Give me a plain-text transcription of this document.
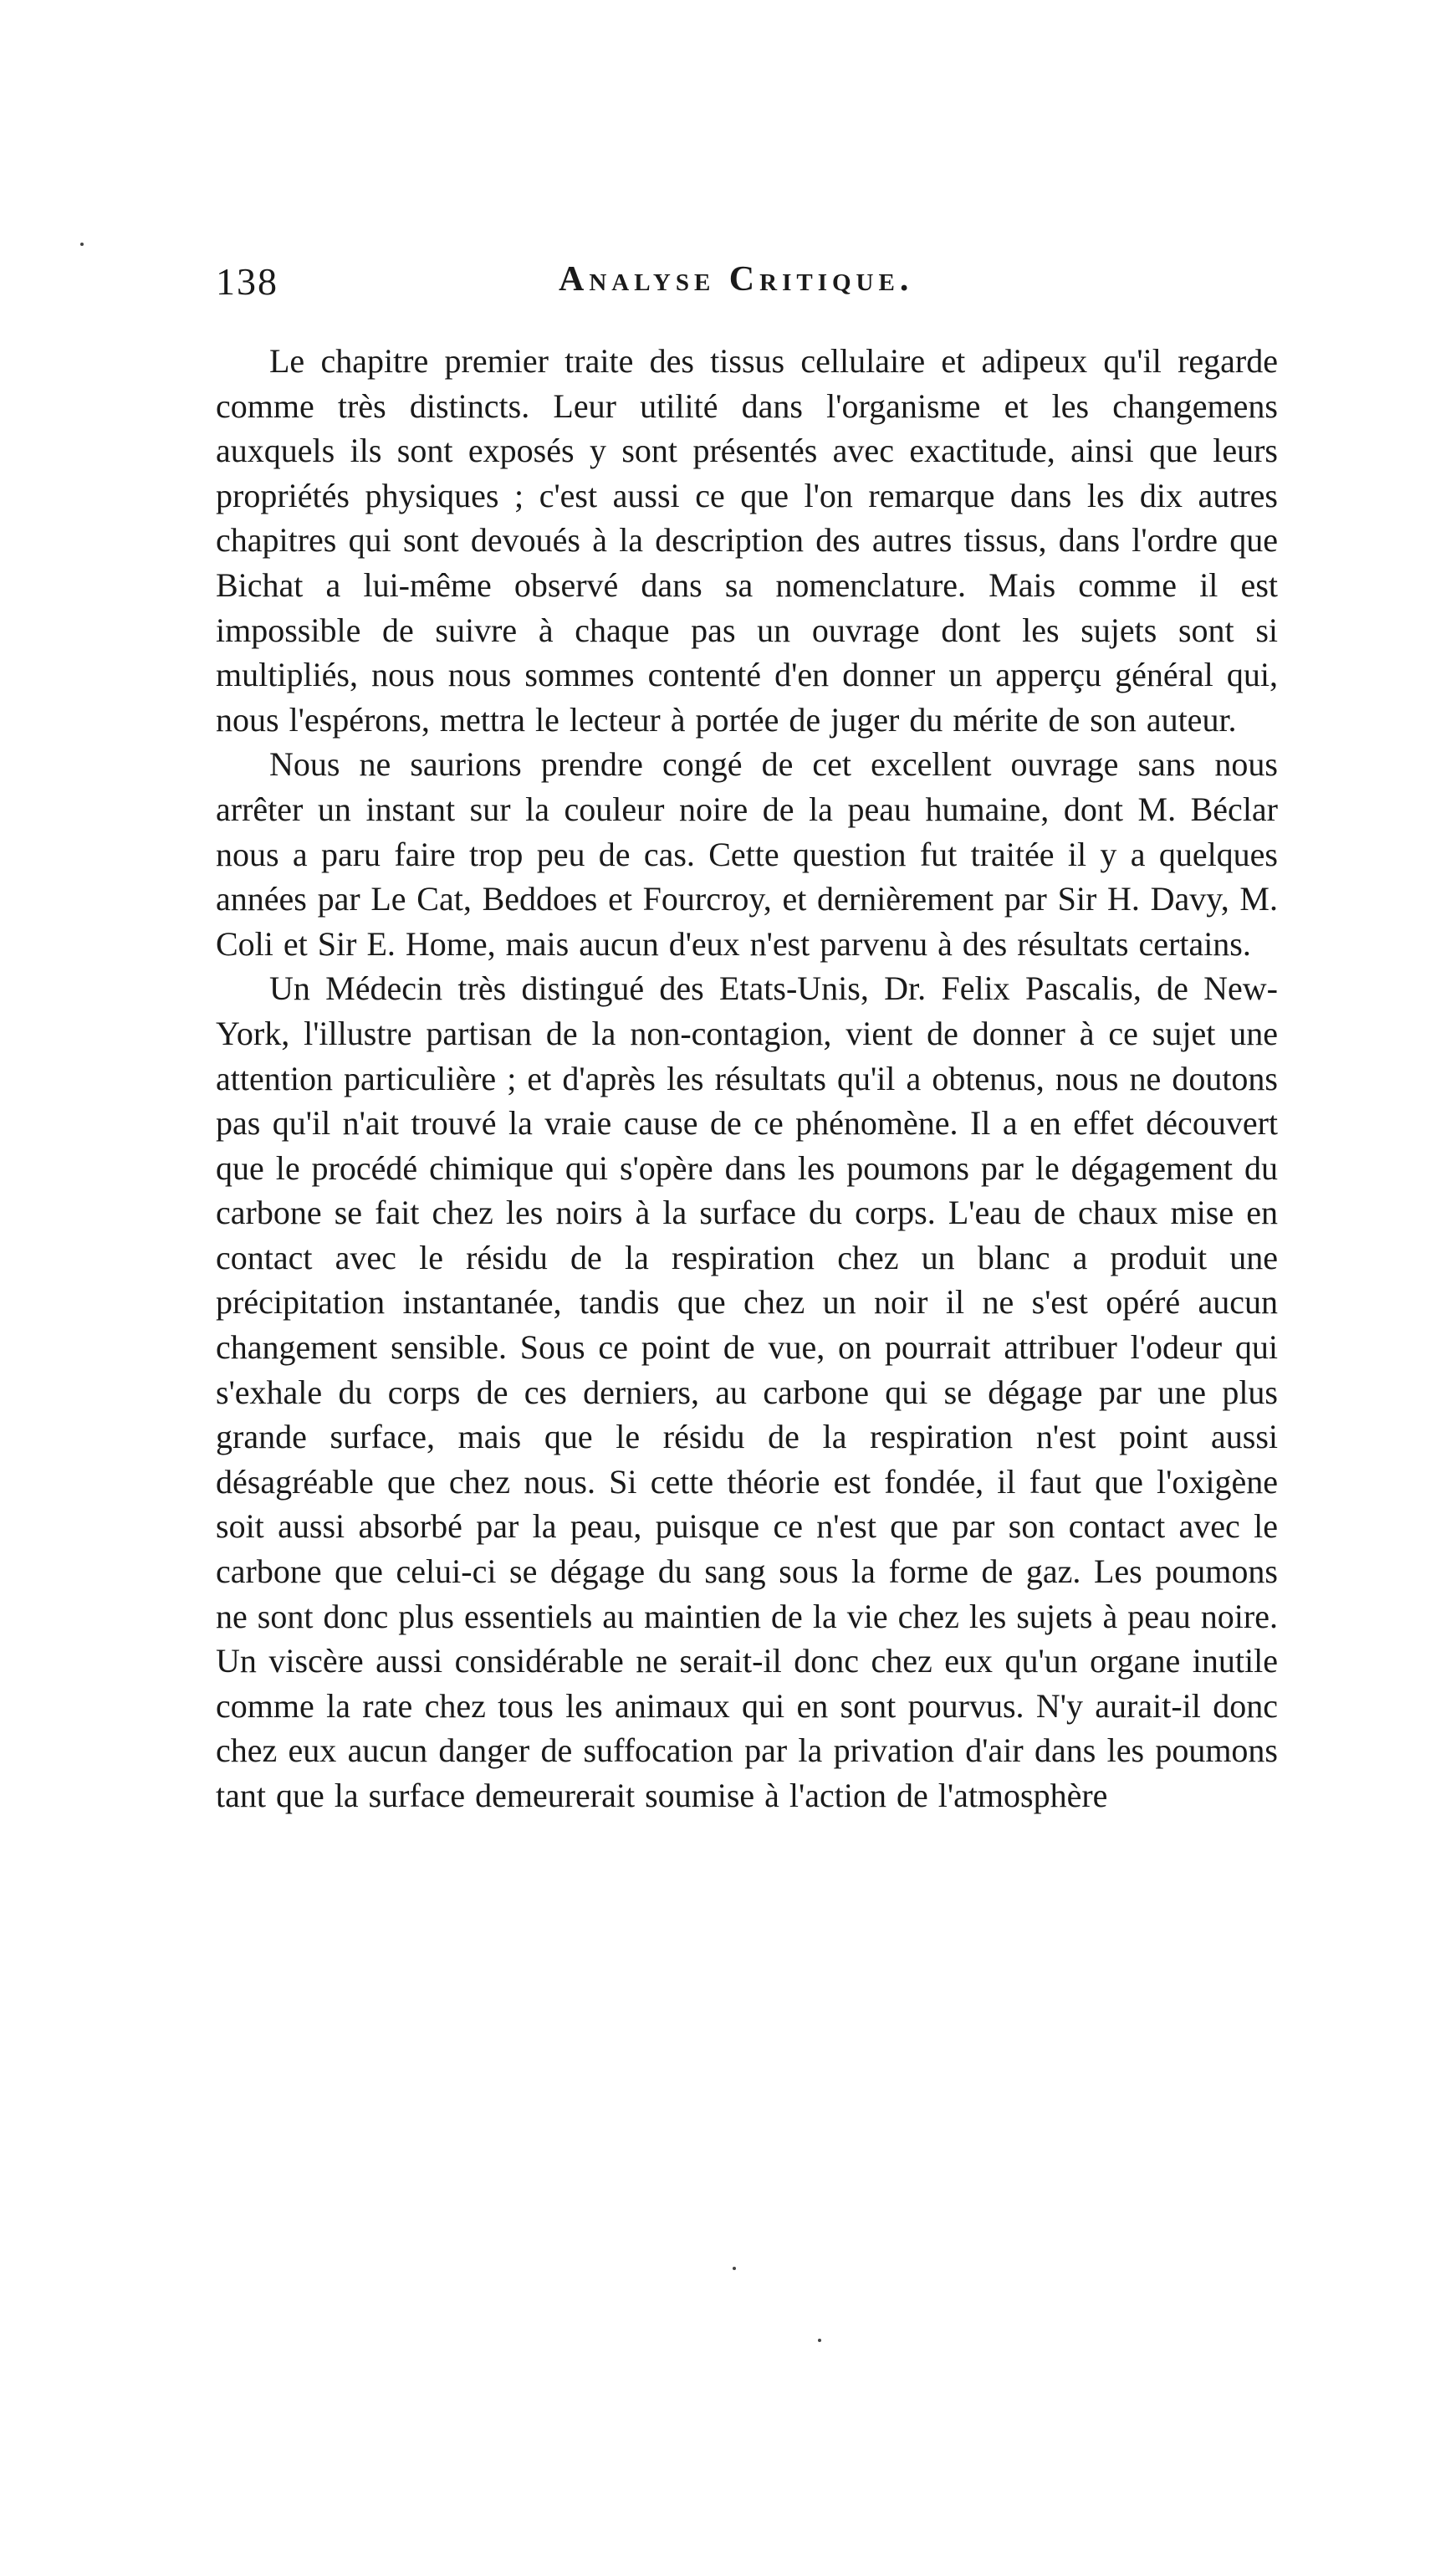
138	Analyse Critique.

Le chapitre premier traite des tissus cellulaire et adipeux qu'il regarde comme très distincts. Leur utilité dans l'organisme et les changemens auxquels ils sont exposés y sont présentés avec exactitude, ainsi que leurs propriétés physiques ; c'est aussi ce que l'on remarque dans les dix autres chapitres qui sont devoués à la description des autres tissus, dans l'ordre que Bichat a lui-même observé dans sa nomenclature. Mais comme il est impossible de suivre à chaque pas un ouvrage dont les sujets sont si multipliés, nous nous sommes contenté d'en donner un apperçu général qui, nous l'espérons, mettra le lecteur à portée de juger du mérite de son auteur.

Nous ne saurions prendre congé de cet excellent ouvrage sans nous arrêter un instant sur la couleur noire de la peau humaine, dont M. Béclar nous a paru faire trop peu de cas. Cette question fut traitée il y a quelques années par Le Cat, Beddoes et Fourcroy, et dernièrement par Sir H. Davy, M. Coli et Sir E. Home, mais aucun d'eux n'est parvenu à des résultats certains.

Un Médecin très distingué des Etats-Unis, Dr. Felix Pascalis, de New-York, l'illustre partisan de la non-contagion, vient de donner à ce sujet une attention particulière ; et d'après les résultats qu'il a obtenus, nous ne doutons pas qu'il n'ait trouvé la vraie cause de ce phénomène. Il a en effet découvert que le procédé chimique qui s'opère dans les poumons par le dégagement du carbone se fait chez les noirs à la surface du corps. L'eau de chaux mise en contact avec le résidu de la respiration chez un blanc a produit une précipitation instantanée, tandis que chez un noir il ne s'est opéré aucun changement sensible. Sous ce point de vue, on pourrait attribuer l'odeur qui s'exhale du corps de ces derniers, au carbone qui se dégage par une plus grande surface, mais que le résidu de la respiration n'est point aussi désagréable que chez nous. Si cette théorie est fondée, il faut que l'oxigène soit aussi absorbé par la peau, puisque ce n'est que par son contact avec le carbone que celui-ci se dégage du sang sous la forme de gaz. Les poumons ne sont donc plus essentiels au maintien de la vie chez les sujets à peau noire. Un viscère aussi considérable ne serait-il donc chez eux qu'un organe inutile comme la rate chez tous les animaux qui en sont pourvus. N'y aurait-il donc chez eux aucun danger de suffocation par la privation d'air dans les poumons tant que la surface demeurerait soumise à l'action de l'atmosphère
